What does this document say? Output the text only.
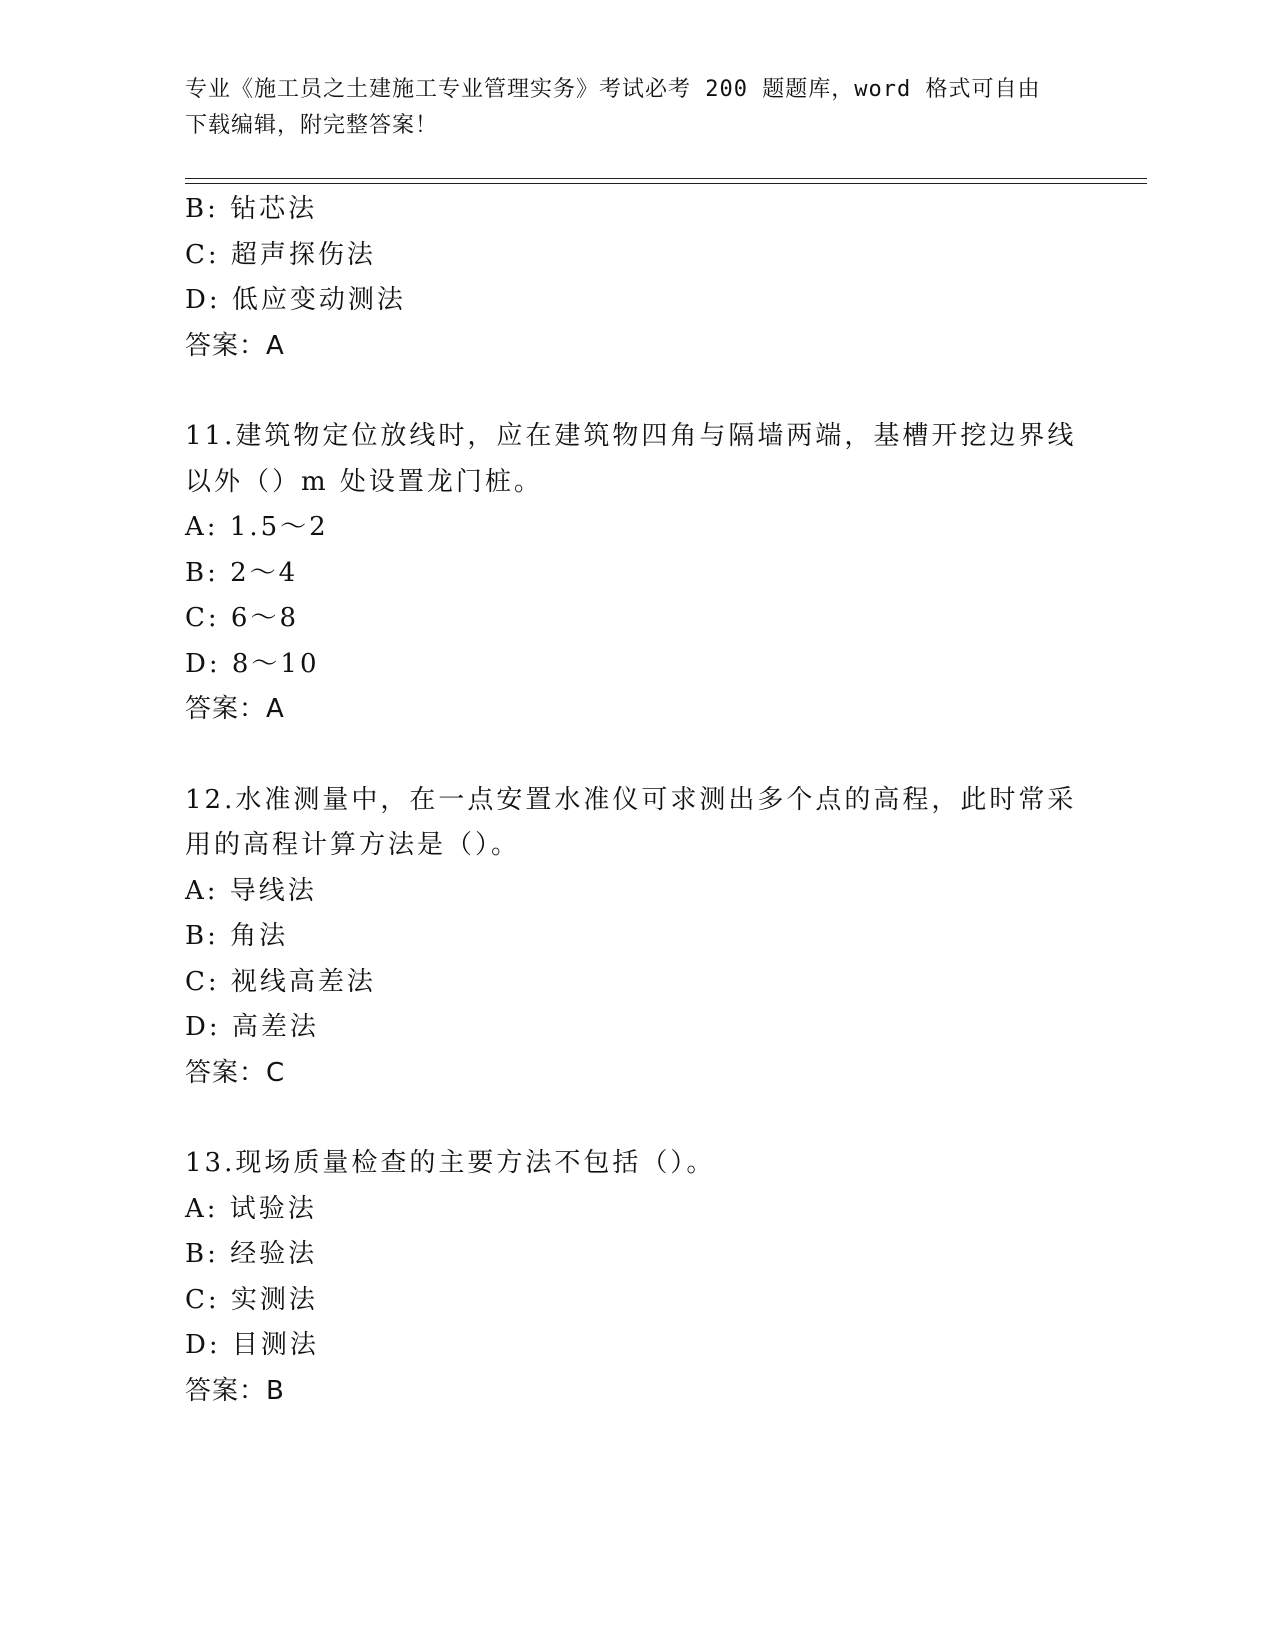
专业《施工员之土建施工专业管理实务》考试必考 200 题题库，word 格式可自由
下载编辑，附完整答案！
B: 钻芯法
C: 超声探伤法
D: 低应变动测法
答案：A
11.建筑物定位放线时，应在建筑物四角与隔墙两端，基槽开挖边界线
以外（）m 处设置龙门桩。
A: 1.5～2
B: 2～4
C: 6～8
D: 8～10
答案：A
12.水准测量中，在一点安置水准仪可求测出多个点的高程，此时常采
用的高程计算方法是（）。
A: 导线法
B: 角法
C: 视线高差法
D: 高差法
答案：C
13.现场质量检查的主要方法不包括（）。
A: 试验法
B: 经验法
C: 实测法
D: 目测法
答案：B
